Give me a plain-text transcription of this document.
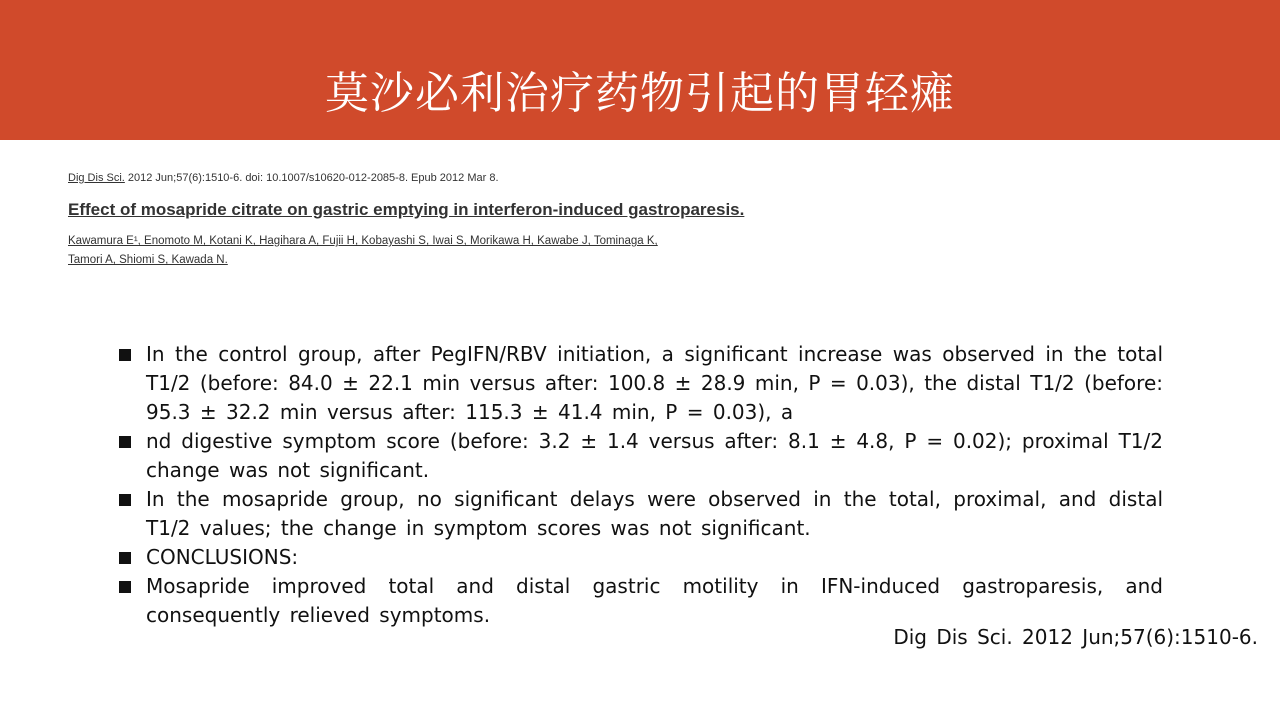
莫沙必利治疗药物引起的胃轻瘫
Dig Dis Sci. 2012 Jun;57(6):1510-6. doi: 10.1007/s10620-012-2085-8. Epub 2012 Mar 8.
Effect of mosapride citrate on gastric emptying in interferon-induced gastroparesis.
Kawamura E¹, Enomoto M, Kotani K, Hagihara A, Fujii H, Kobayashi S, Iwai S, Morikawa H, Kawabe J, Tominaga K,
Tamori A, Shiomi S, Kawada N.
In the control group, after PegIFN/RBV initiation, a significant increase was observed in the total T1/2 (before: 84.0 ± 22.1 min versus after: 100.8 ± 28.9 min, P = 0.03), the distal T1/2 (before: 95.3 ± 32.2 min versus after: 115.3 ± 41.4 min, P = 0.03), a
nd digestive symptom score (before: 3.2 ± 1.4 versus after: 8.1 ± 4.8, P = 0.02); proximal T1/2 change was not significant.
In the mosapride group, no significant delays were observed in the total, proximal, and distal T1/2 values; the change in symptom scores was not significant.
CONCLUSIONS:
Mosapride improved total and distal gastric motility in IFN-induced gastroparesis, and consequently relieved symptoms.
Dig Dis Sci. 2012 Jun;57(6):1510-6.
